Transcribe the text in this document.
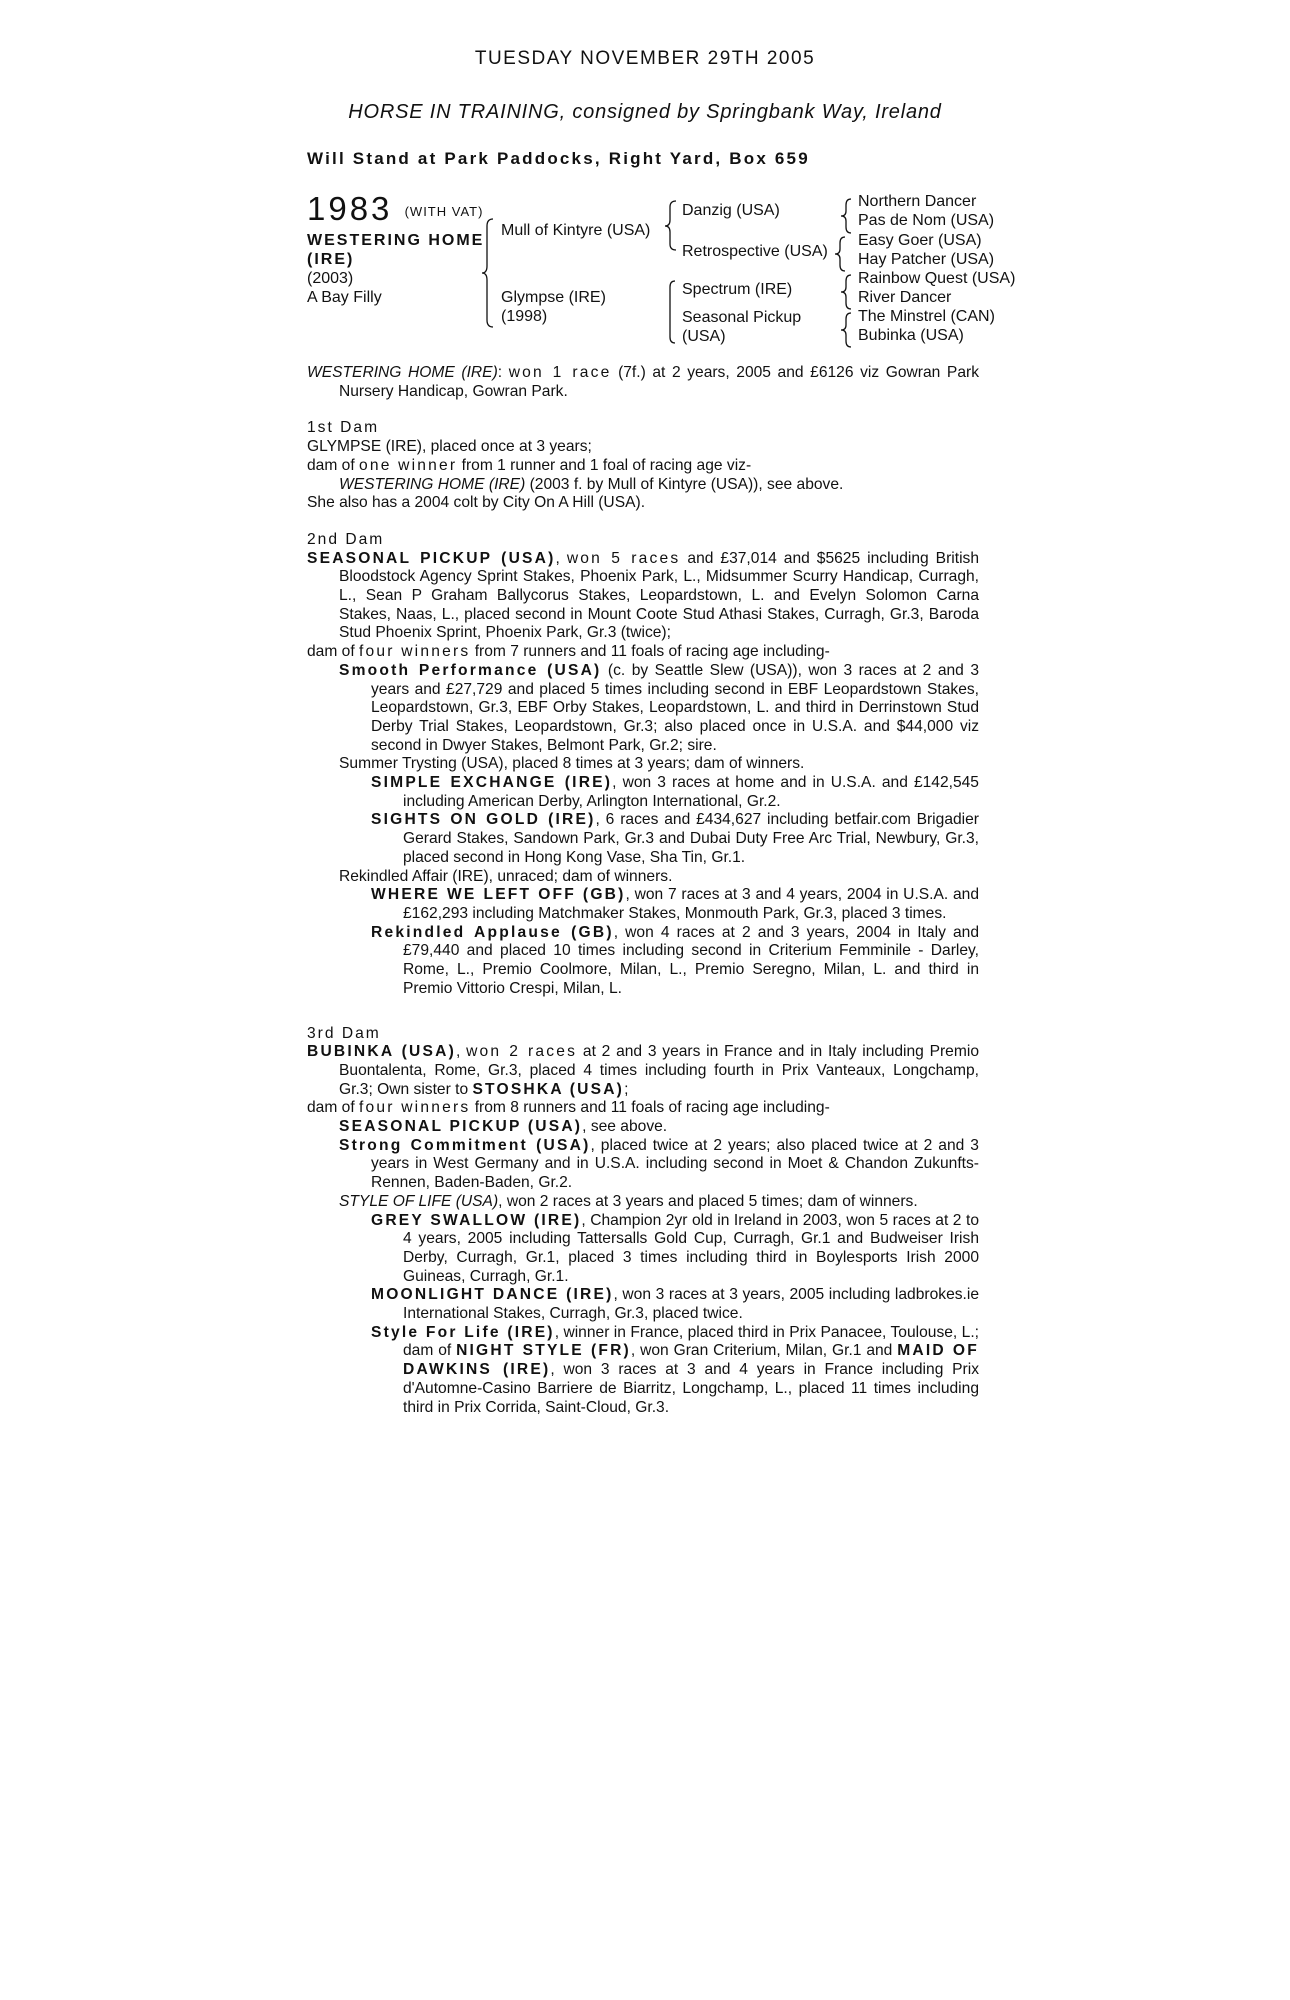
TUESDAY NOVEMBER 29TH 2005
HORSE IN TRAINING, consigned by Springbank Way, Ireland
Will Stand at Park Paddocks, Right Yard, Box 659
1983 (WITH VAT)
WESTERING HOME
(IRE)
(2003)
A Bay Filly
Mull of Kintyre (USA)
Glympse (IRE)
(1998)
Danzig (USA)
Retrospective (USA)
Spectrum (IRE)
Seasonal Pickup
(USA)
Northern Dancer
Pas de Nom (USA)
Easy Goer (USA)
Hay Patcher (USA)
Rainbow Quest (USA)
River Dancer
The Minstrel (CAN)
Bubinka (USA)

WESTERING HOME (IRE): won 1 race (7f.) at 2 years, 2005 and £6126 viz Gowran Park Nursery Handicap, Gowran Park.

1st Dam

GLYMPSE (IRE), placed once at 3 years;

dam of one winner from 1 runner and 1 foal of racing age viz-

WESTERING HOME (IRE) (2003 f. by Mull of Kintyre (USA)), see above.

She also has a 2004 colt by City On A Hill (USA).

2nd Dam

SEASONAL PICKUP (USA), won 5 races and £37,014 and $5625 including British Bloodstock Agency Sprint Stakes, Phoenix Park, L., Midsummer Scurry Handicap, Curragh, L., Sean P Graham Ballycorus Stakes, Leopardstown, L. and Evelyn Solomon Carna Stakes, Naas, L., placed second in Mount Coote Stud Athasi Stakes, Curragh, Gr.3, Baroda Stud Phoenix Sprint, Phoenix Park, Gr.3 (twice);

dam of four winners from 7 runners and 11 foals of racing age including-

Smooth Performance (USA) (c. by Seattle Slew (USA)), won 3 races at 2 and 3 years and £27,729 and placed 5 times including second in EBF Leopardstown Stakes, Leopardstown, Gr.3, EBF Orby Stakes, Leopardstown, L. and third in Derrinstown Stud Derby Trial Stakes, Leopardstown, Gr.3; also placed once in U.S.A. and $44,000 viz second in Dwyer Stakes, Belmont Park, Gr.2; sire.

Summer Trysting (USA), placed 8 times at 3 years; dam of winners.

SIMPLE EXCHANGE (IRE), won 3 races at home and in U.S.A. and £142,545 including American Derby, Arlington International, Gr.2.

SIGHTS ON GOLD (IRE), 6 races and £434,627 including betfair.com Brigadier Gerard Stakes, Sandown Park, Gr.3 and Dubai Duty Free Arc Trial, Newbury, Gr.3, placed second in Hong Kong Vase, Sha Tin, Gr.1.

Rekindled Affair (IRE), unraced; dam of winners.

WHERE WE LEFT OFF (GB), won 7 races at 3 and 4 years, 2004 in U.S.A. and £162,293 including Matchmaker Stakes, Monmouth Park, Gr.3, placed 3 times.

Rekindled Applause (GB), won 4 races at 2 and 3 years, 2004 in Italy and £79,440 and placed 10 times including second in Criterium Femminile - Darley, Rome, L., Premio Coolmore, Milan, L., Premio Seregno, Milan, L. and third in Premio Vittorio Crespi, Milan, L.

3rd Dam

BUBINKA (USA), won 2 races at 2 and 3 years in France and in Italy including Premio Buontalenta, Rome, Gr.3, placed 4 times including fourth in Prix Vanteaux, Longchamp, Gr.3; Own sister to STOSHKA (USA);

dam of four winners from 8 runners and 11 foals of racing age including-

SEASONAL PICKUP (USA), see above.

Strong Commitment (USA), placed twice at 2 years; also placed twice at 2 and 3 years in West Germany and in U.S.A. including second in Moet & Chandon Zukunfts-Rennen, Baden-Baden, Gr.2.

STYLE OF LIFE (USA), won 2 races at 3 years and placed 5 times; dam of winners.

GREY SWALLOW (IRE), Champion 2yr old in Ireland in 2003, won 5 races at 2 to 4 years, 2005 including Tattersalls Gold Cup, Curragh, Gr.1 and Budweiser Irish Derby, Curragh, Gr.1, placed 3 times including third in Boylesports Irish 2000 Guineas, Curragh, Gr.1.

MOONLIGHT DANCE (IRE), won 3 races at 3 years, 2005 including ladbrokes.ie International Stakes, Curragh, Gr.3, placed twice.

Style For Life (IRE), winner in France, placed third in Prix Panacee, Toulouse, L.; dam of NIGHT STYLE (FR), won Gran Criterium, Milan, Gr.1 and MAID OF DAWKINS (IRE), won 3 races at 3 and 4 years in France including Prix d'Automne-Casino Barriere de Biarritz, Longchamp, L., placed 11 times including third in Prix Corrida, Saint-Cloud, Gr.3.
